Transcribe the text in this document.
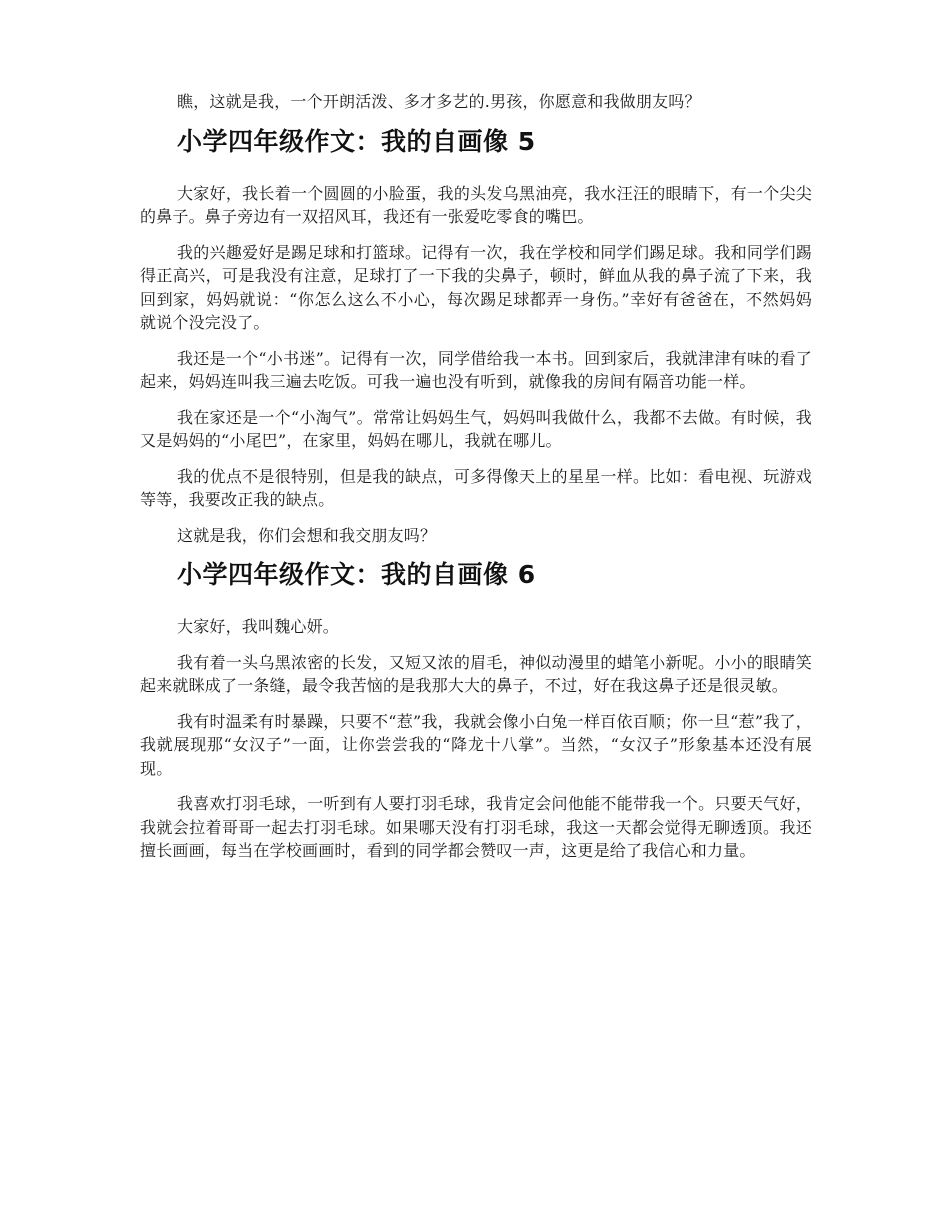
瞧，这就是我，一个开朗活泼、多才多艺的.男孩，你愿意和我做朋友吗？

小学四年级作文：我的自画像 5

大家好，我长着一个圆圆的小脸蛋，我的头发乌黑油亮，我水汪汪的眼睛下，有一个尖尖的鼻子。鼻子旁边有一双招风耳，我还有一张爱吃零食的嘴巴。

我的兴趣爱好是踢足球和打篮球。记得有一次，我在学校和同学们踢足球。我和同学们踢得正高兴，可是我没有注意，足球打了一下我的尖鼻子，顿时，鲜血从我的鼻子流了下来，我回到家，妈妈就说：“你怎么这么不小心，每次踢足球都弄一身伤。”幸好有爸爸在，不然妈妈就说个没完没了。

我还是一个“小书迷”。记得有一次，同学借给我一本书。回到家后，我就津津有味的看了起来，妈妈连叫我三遍去吃饭。可我一遍也没有听到，就像我的房间有隔音功能一样。

我在家还是一个“小淘气”。常常让妈妈生气，妈妈叫我做什么，我都不去做。有时候，我又是妈妈的“小尾巴”，在家里，妈妈在哪儿，我就在哪儿。

我的优点不是很特别，但是我的缺点，可多得像天上的星星一样。比如：看电视、玩游戏等等，我要改正我的缺点。

这就是我，你们会想和我交朋友吗？

小学四年级作文：我的自画像 6

大家好，我叫魏心妍。

我有着一头乌黑浓密的长发，又短又浓的眉毛，神似动漫里的蜡笔小新呢。小小的眼睛笑起来就眯成了一条缝，最令我苦恼的是我那大大的鼻子，不过，好在我这鼻子还是很灵敏。

我有时温柔有时暴躁，只要不“惹”我，我就会像小白兔一样百依百顺；你一旦“惹”我了，我就展现那“女汉子”一面，让你尝尝我的“降龙十八掌”。当然，“女汉子”形象基本还没有展现。

我喜欢打羽毛球，一听到有人要打羽毛球，我肯定会问他能不能带我一个。只要天气好，我就会拉着哥哥一起去打羽毛球。如果哪天没有打羽毛球，我这一天都会觉得无聊透顶。我还擅长画画，每当在学校画画时，看到的同学都会赞叹一声，这更是给了我信心和力量。
